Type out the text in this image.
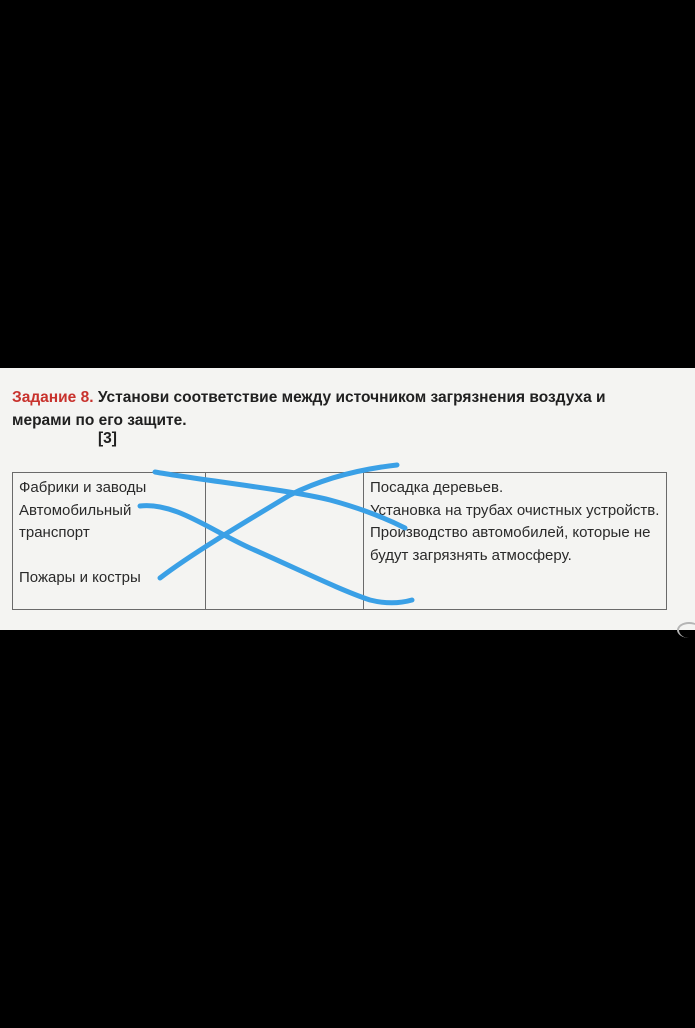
Задание 8. Установи соответствие между источником загрязнения воздуха и мерами по его защите.
[3]
Фабрики и заводы
Автомобильный транспорт
Пожары и костры

Посадка деревьев.
Установка на трубах очистных устройств.
Производство автомобилей, которые не будут загрязнять атмосферу.
